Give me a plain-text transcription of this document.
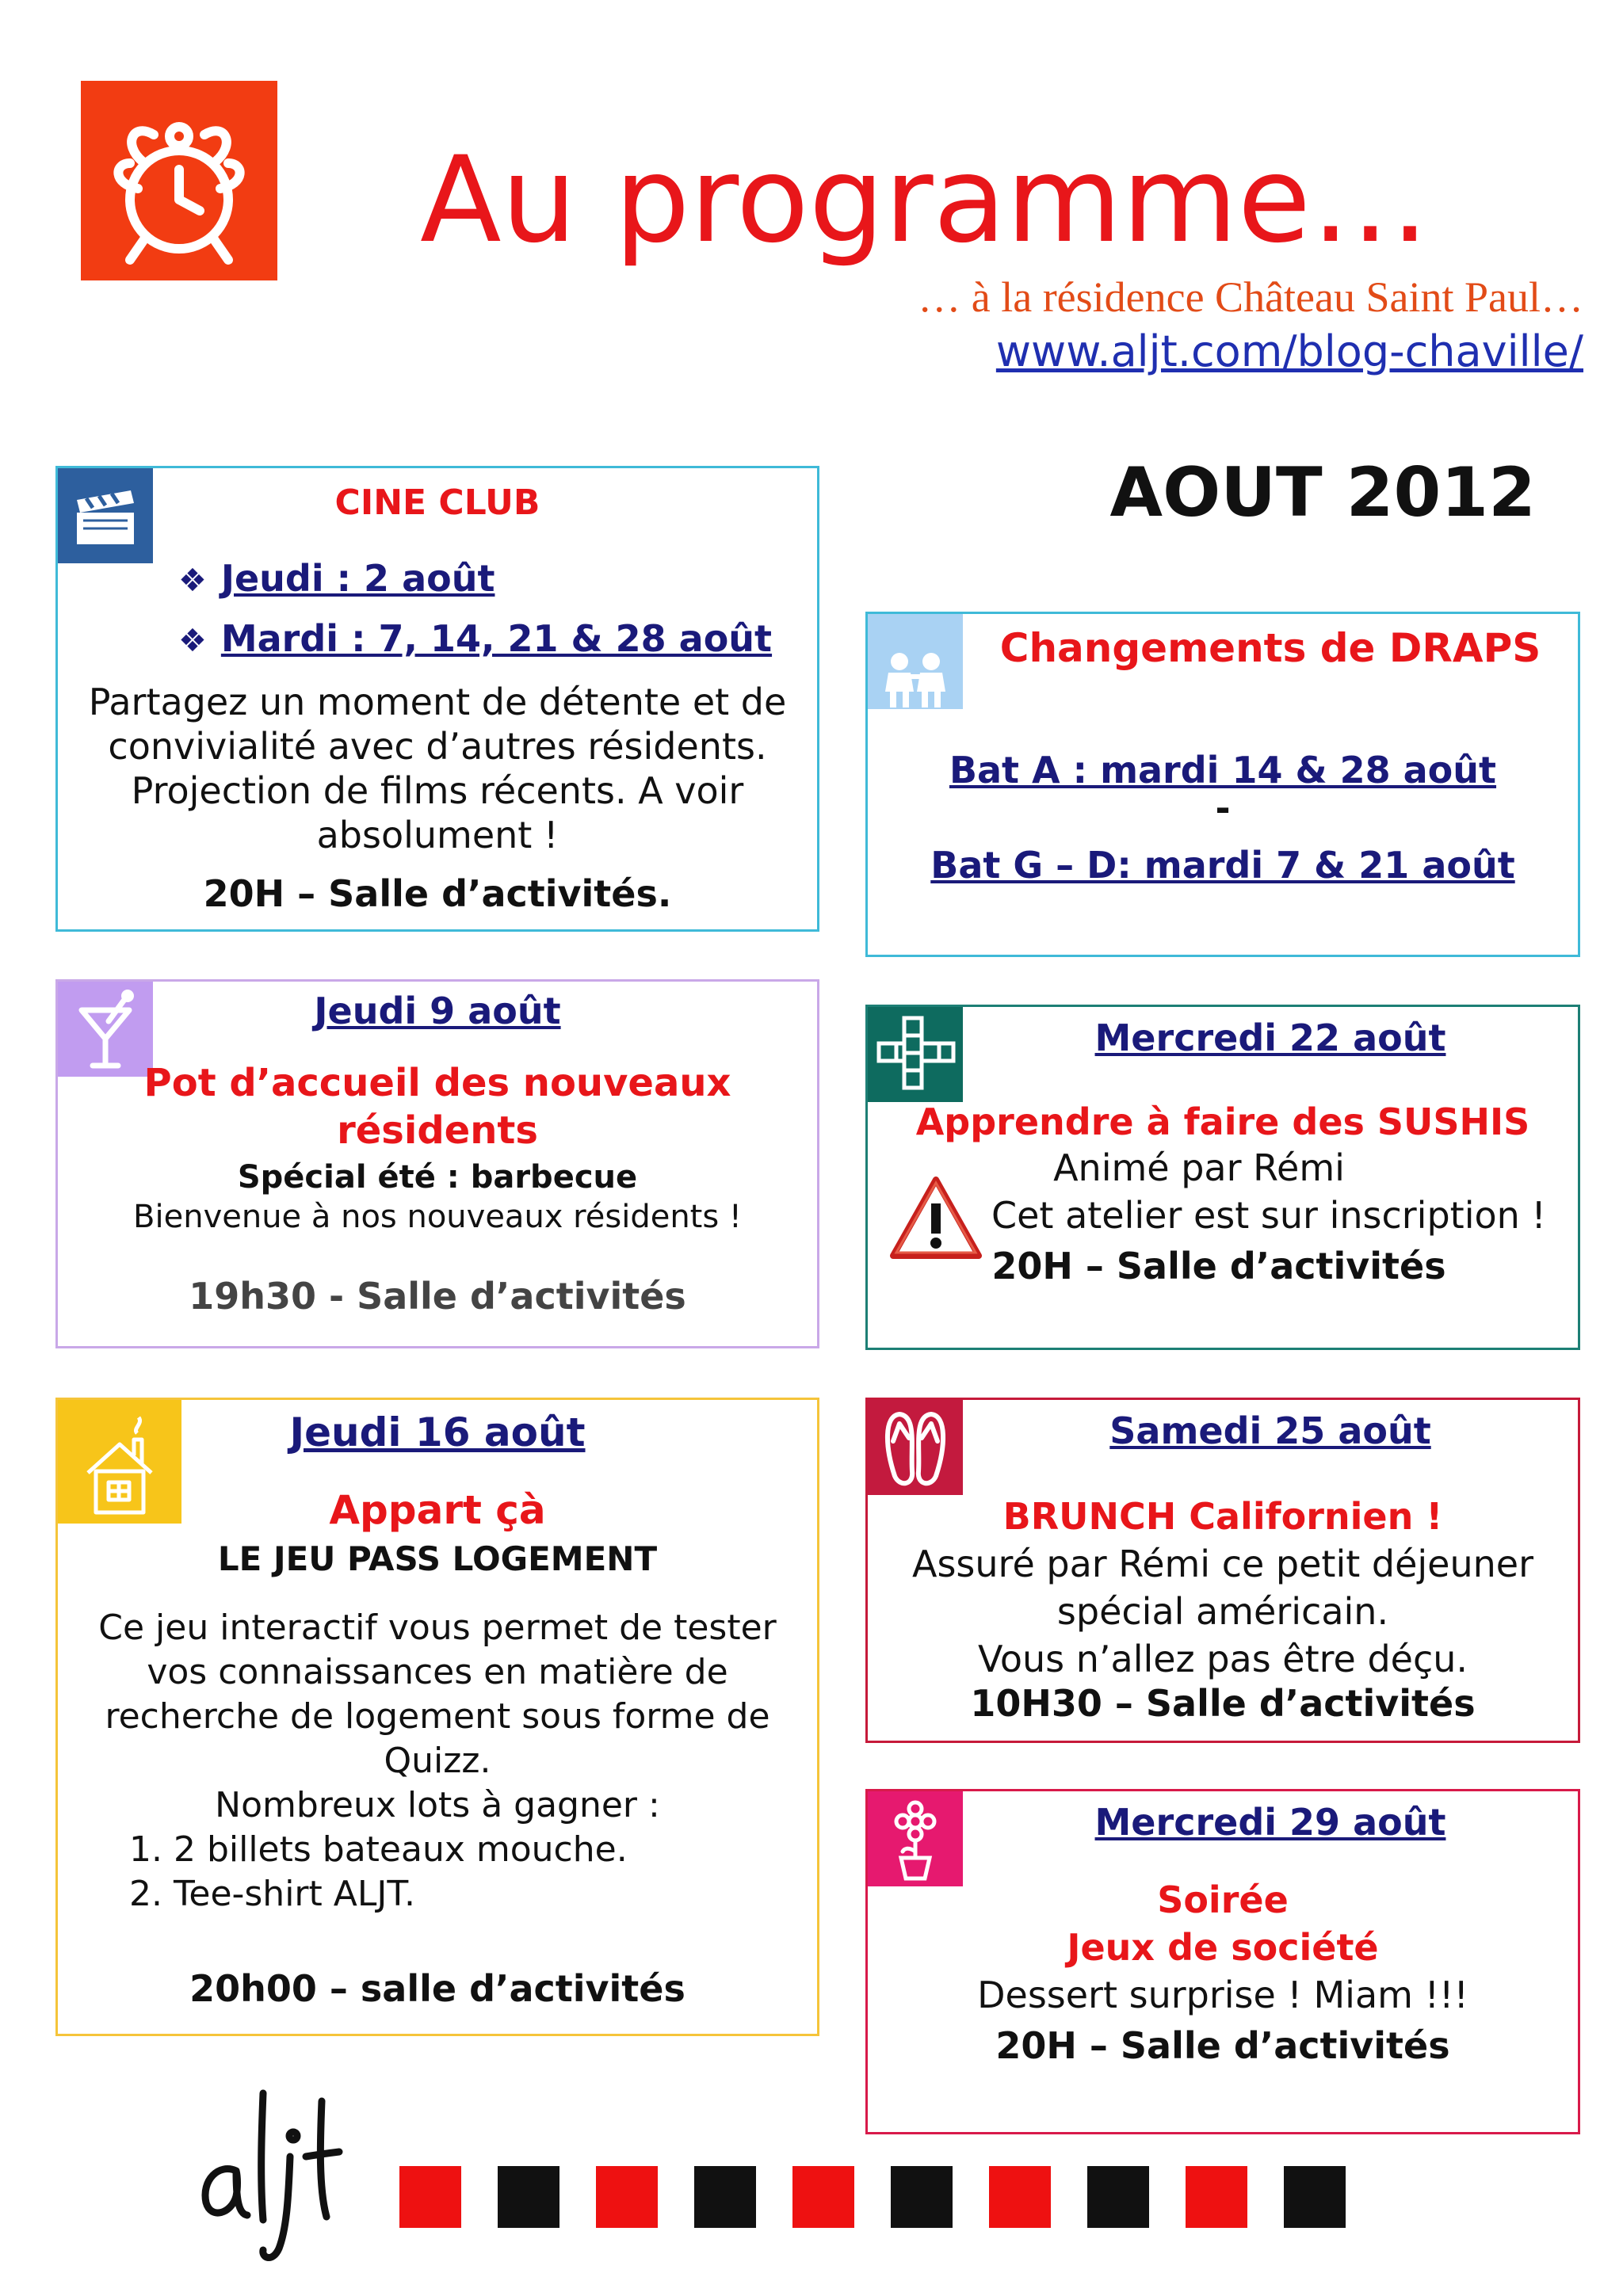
Au programme…
… à la résidence Château Saint Paul…
www.aljt.com/blog-chaville/
AOUT 2012
CINE CLUB
❖ Jeudi : 2 août
❖ Mardi : 7, 14, 21 & 28 août
Partagez un moment de détente et de
convivialité avec d’autres résidents.
Projection de films récents. A voir
absolument !
20H – Salle d’activités.
Changements de DRAPS
Bat A : mardi 14 & 28 août
-
Bat G – D: mardi 7 & 21 août
Jeudi 9 août
Pot d’accueil des nouveaux
résidents
Spécial été : barbecue
Bienvenue à nos nouveaux résidents !
19h30 - Salle d’activités
Mercredi 22 août
Apprendre à faire des SUSHIS
Animé par Rémi
Cet atelier est sur inscription !
20H – Salle d’activités
Jeudi 16 août
Appart çà
LE JEU PASS LOGEMENT
Ce jeu interactif vous permet de tester
vos connaissances en matière de
recherche de logement sous forme de
Quizz.
Nombreux lots à gagner :
1. 2 billets bateaux mouche.
2. Tee-shirt ALJT.
20h00 – salle d’activités
Samedi 25 août
BRUNCH Californien !
Assuré par Rémi ce petit déjeuner
spécial américain.
Vous n’allez pas être déçu.
10H30 – Salle d’activités
Mercredi 29 août
Soirée
Jeux de société
Dessert surprise ! Miam !!!
20H – Salle d’activités
